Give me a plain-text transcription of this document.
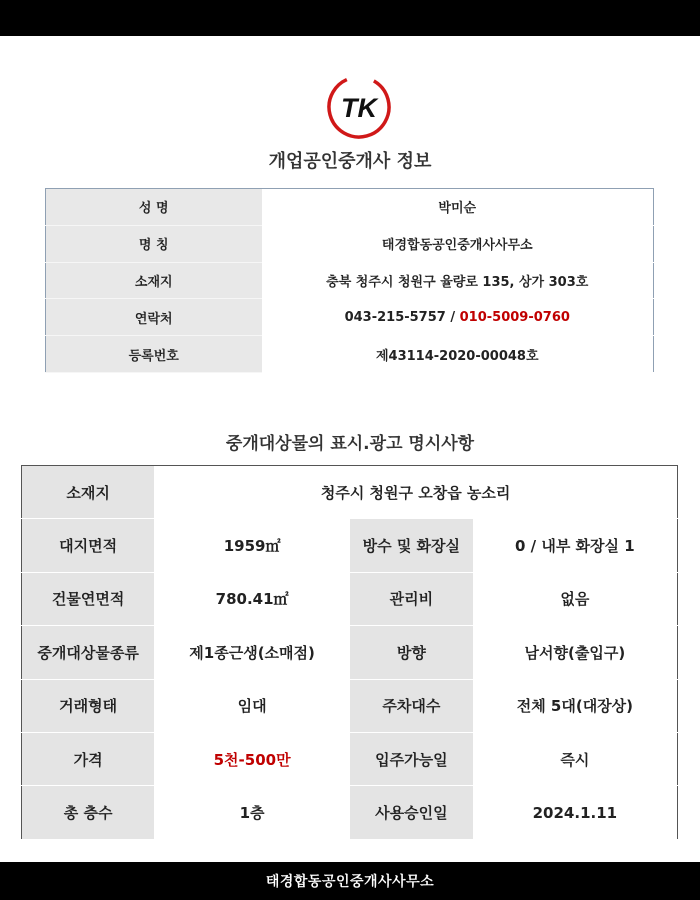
TK
개업공인중개사 정보
성 명	박미순
명 칭	태경합동공인중개사사무소
소재지	충북 청주시 청원구 율량로 135, 상가 303호
연락처	043-215-5757 / 010-5009-0760
등록번호	제43114-2020-00048호
중개대상물의 표시.광고 명시사항
소재지	청주시 청원구 오창읍 농소리		
대지면적	1959㎡	방수 및 화장실	0 / 내부 화장실 1
건물연면적	780.41㎡	관리비	없음
중개대상물종류	제1종근생(소매점)	방향	남서향(출입구)
거래형태	임대	주차대수	전체 5대(대장상)
가격	5천-500만	입주가능일	즉시
총 층수	1층	사용승인일	2024.1.11
태경합동공인중개사사무소
